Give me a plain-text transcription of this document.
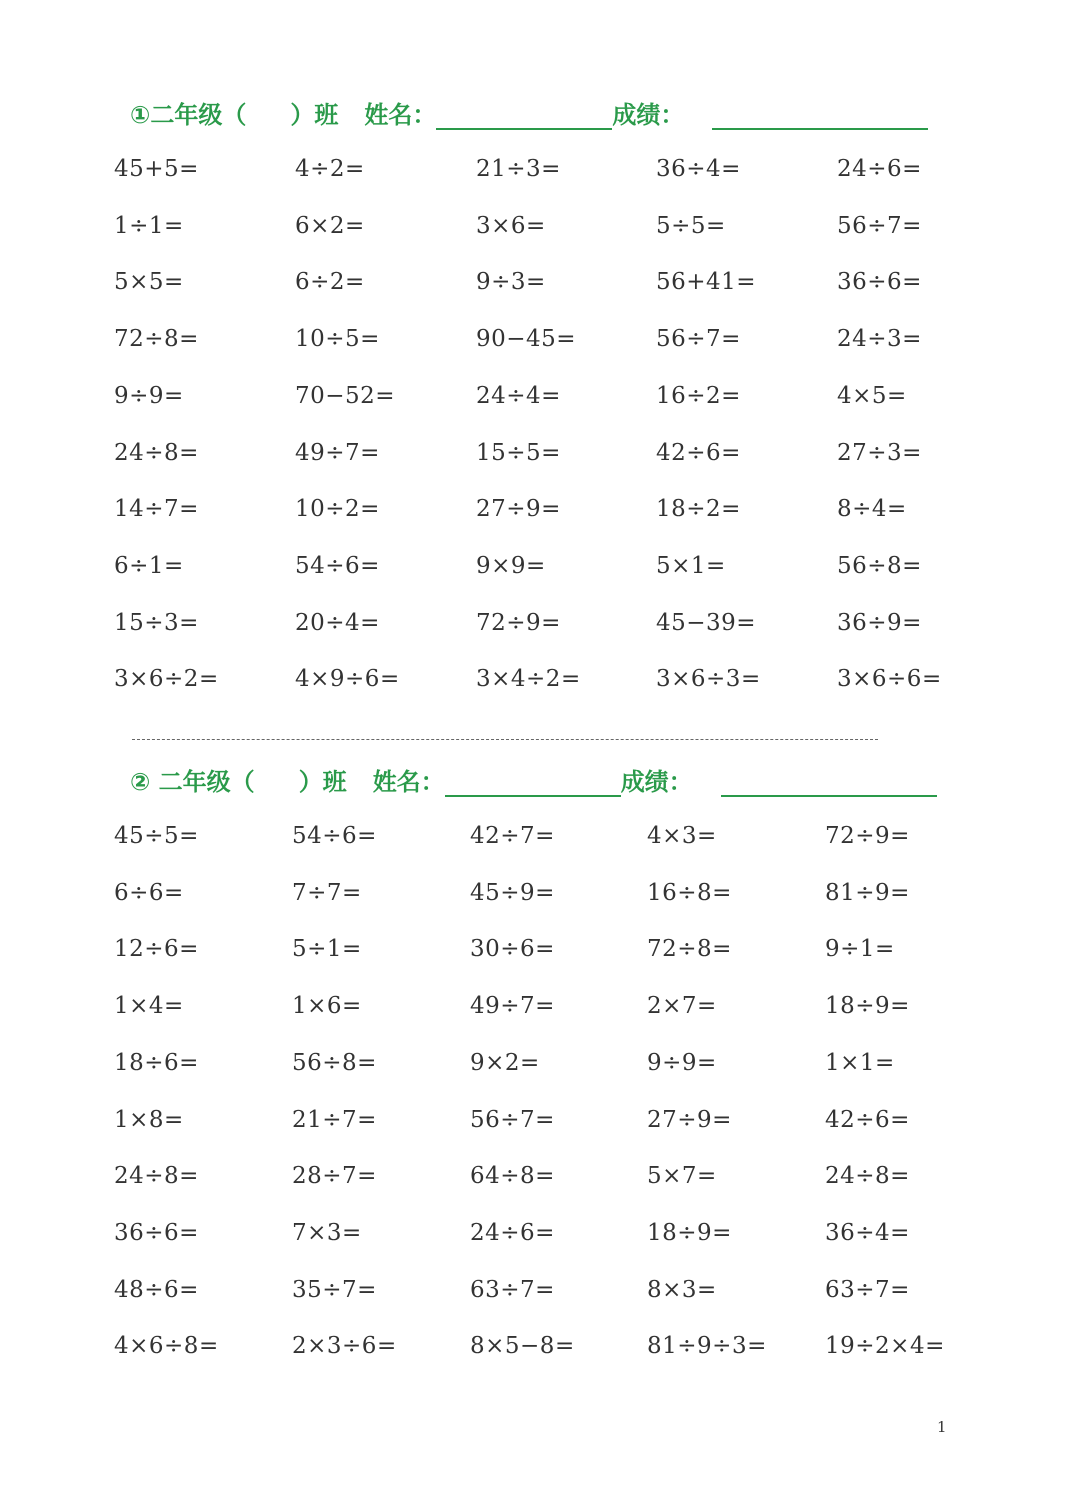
①二年级（ ）班 姓名：	成绩：
45+5=	4÷2=	21÷3=	36÷4=	24÷6=
1÷1=	6×2=	3×6=	5÷5=	56÷7=
5×5=	6÷2=	9÷3=	56+41=	36÷6=
72÷8=	10÷5=	90−45=	56÷7=	24÷3=
9÷9=	70−52=	24÷4=	16÷2=	4×5=
24÷8=	49÷7=	15÷5=	42÷6=	27÷3=
14÷7=	10÷2=	27÷9=	18÷2=	8÷4=
6÷1=	54÷6=	9×9=	5×1=	56÷8=
15÷3=	20÷4=	72÷9=	45−39=	36÷9=
3×6÷2=	4×9÷6=	3×4÷2=	3×6÷3=	3×6÷6=
② 二年级（ ）班 姓名：	成绩：
45÷5=	54÷6=	42÷7=	4×3=	72÷9=
6÷6=	7÷7=	45÷9=	16÷8=	81÷9=
12÷6=	5÷1=	30÷6=	72÷8=	9÷1=
1×4=	1×6=	49÷7=	2×7=	18÷9=
18÷6=	56÷8=	9×2=	9÷9=	1×1=
1×8=	21÷7=	56÷7=	27÷9=	42÷6=
24÷8=	28÷7=	64÷8=	5×7=	24÷8=
36÷6=	7×3=	24÷6=	18÷9=	36÷4=
48÷6=	35÷7=	63÷7=	8×3=	63÷7=
4×6÷8=	2×3÷6=	8×5−8=	81÷9÷3=	19÷2×4=
1
